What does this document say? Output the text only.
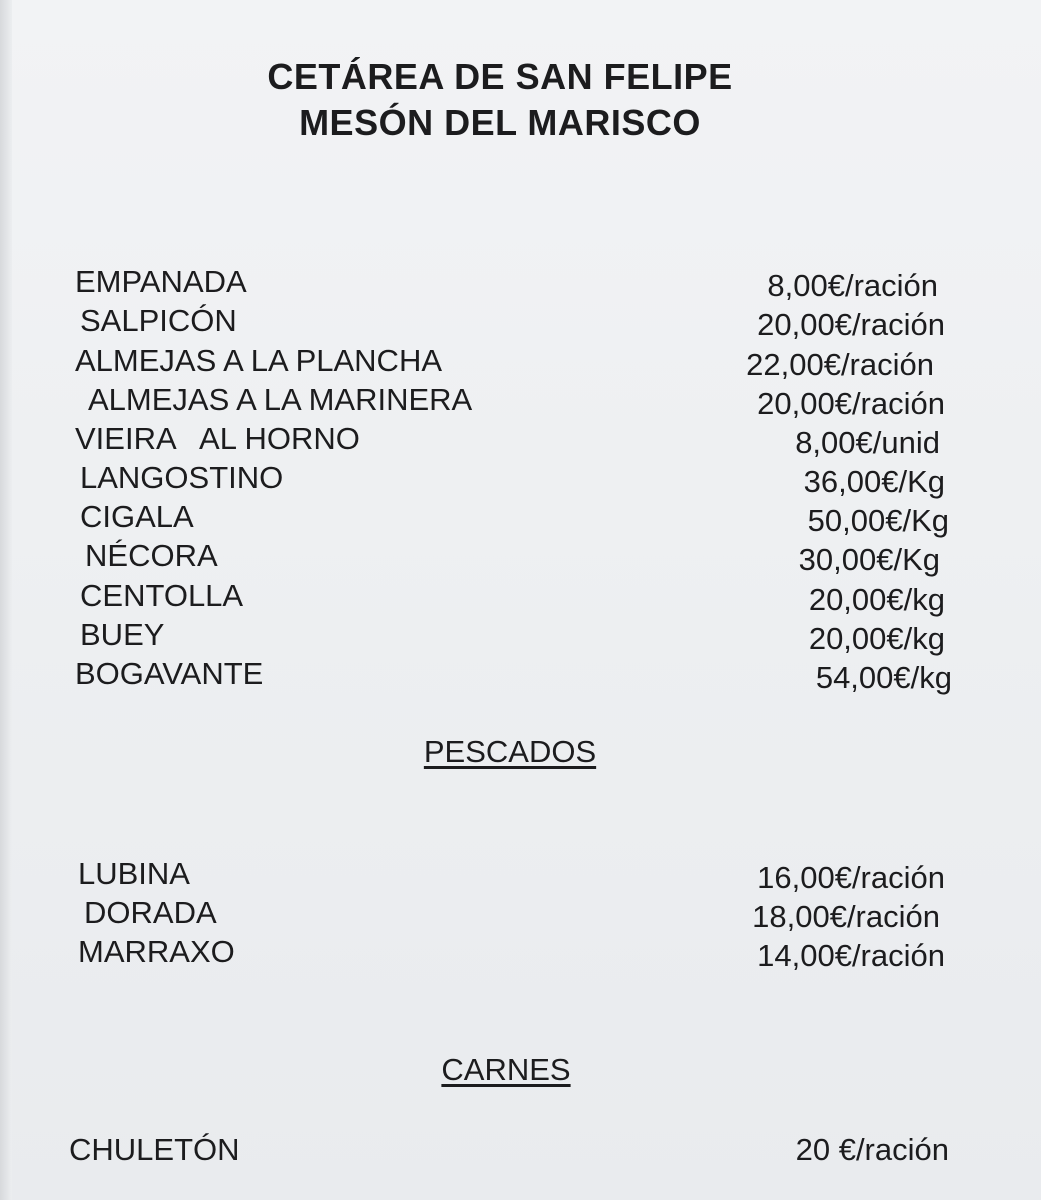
CETÁREA DE SAN FELIPE
MESÓN DEL MARISCO
EMPANADA	8,00€/ración
SALPICÓN	20,00€/ración
ALMEJAS A LA PLANCHA	22,00€/ración
ALMEJAS A LA MARINERA	20,00€/ración
VIEIRA   AL HORNO	8,00€/unid
LANGOSTINO	36,00€/Kg
CIGALA	50,00€/Kg
NÉCORA	30,00€/Kg
CENTOLLA	20,00€/kg
BUEY	20,00€/kg
BOGAVANTE	54,00€/kg
PESCADOS
LUBINA	16,00€/ración
DORADA	18,00€/ración
MARRAXO	14,00€/ración
CARNES
CHULETÓN	20 €/ración
